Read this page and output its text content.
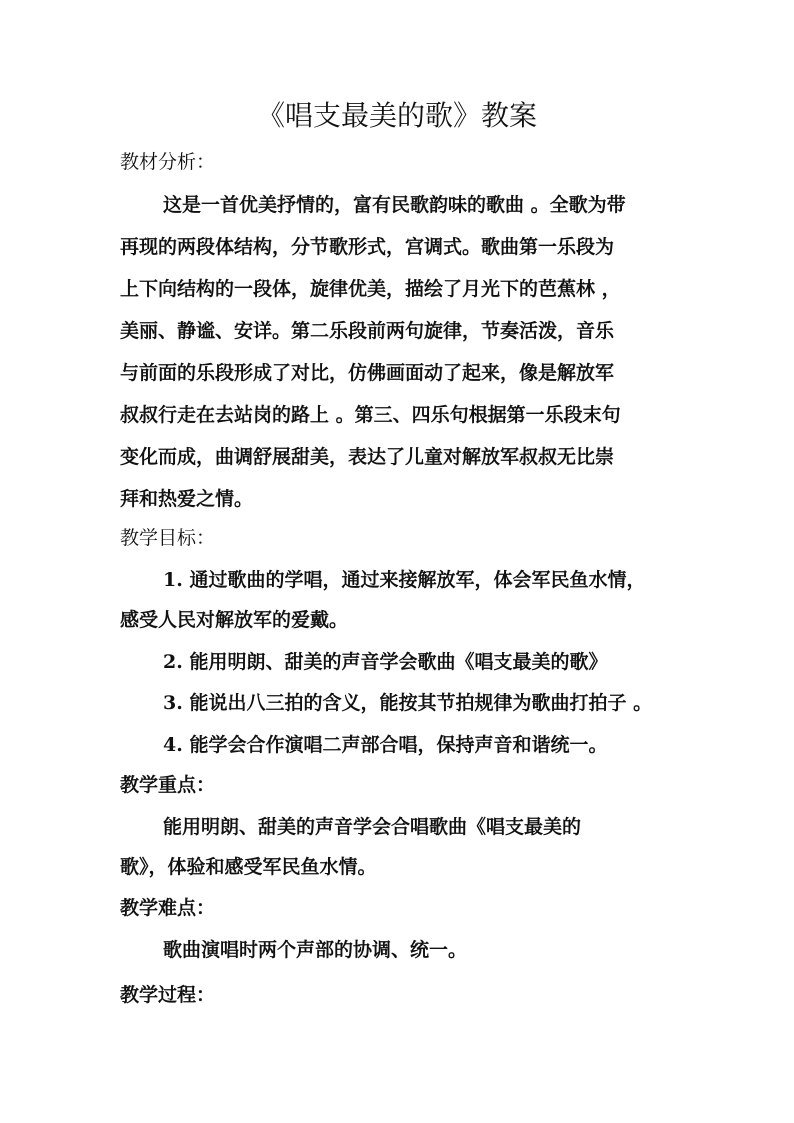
《唱支最美的歌》教案

教材分析：

这是一首优美抒情的，富有民歌韵味的歌曲 。全歌为带

再现的两段体结构，分节歌形式，宫调式。歌曲第一乐段为

上下向结构的一段体，旋律优美，描绘了月光下的芭蕉林 ，

美丽、静谧、安详。第二乐段前两句旋律，节奏活泼，音乐

与前面的乐段形成了对比，仿佛画面动了起来，像是解放军

叔叔行走在去站岗的路上 。第三、四乐句根据第一乐段末句

变化而成，曲调舒展甜美，表达了儿童对解放军叔叔无比崇

拜和热爱之情。

教学目标：

1. 通过歌曲的学唱，通过来接解放军，体会军民鱼水情，

感受人民对解放军的爱戴。

2. 能用明朗、甜美的声音学会歌曲《唱支最美的歌》

3. 能说出八三拍的含义，能按其节拍规律为歌曲打拍子 。

4. 能学会合作演唱二声部合唱，保持声音和谐统一。

教学重点：

能用明朗、甜美的声音学会合唱歌曲《唱支最美的

歌》，体验和感受军民鱼水情。

教学难点：

歌曲演唱时两个声部的协调、统一。

教学过程：
